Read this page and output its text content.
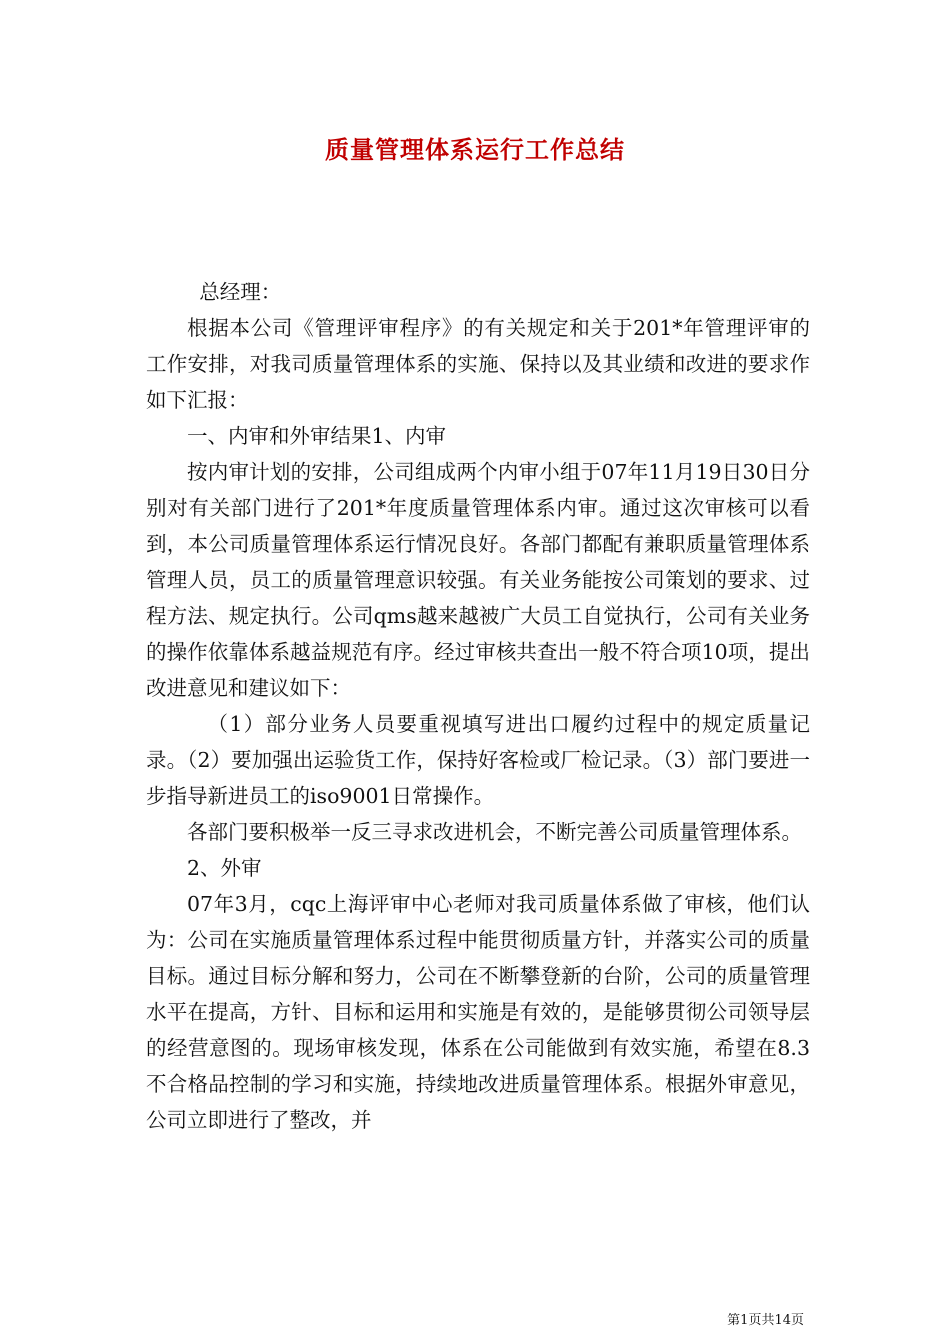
质量管理体系运行工作总结

总经理：

根据本公司《管理评审程序》的有关规定和关于201*年管理评审的工作安排，对我司质量管理体系的实施、保持以及其业绩和改进的要求作如下汇报：

一、内审和外审结果1、内审

按内审计划的安排，公司组成两个内审小组于07年11月19日30日分别对有关部门进行了201*年度质量管理体系内审。通过这次审核可以看到，本公司质量管理体系运行情况良好。各部门都配有兼职质量管理体系管理人员，员工的质量管理意识较强。有关业务能按公司策划的要求、过程方法、规定执行。公司qms越来越被广大员工自觉执行，公司有关业务的操作依靠体系越益规范有序。经过审核共查出一般不符合项10项，提出改进意见和建议如下：

（1）部分业务人员要重视填写进出口履约过程中的规定质量记录。（2）要加强出运验货工作，保持好客检或厂检记录。（3）部门要进一步指导新进员工的iso9001日常操作。

各部门要积极举一反三寻求改进机会，不断完善公司质量管理体系。

2、外审

07年3月，cqc上海评审中心老师对我司质量体系做了审核，他们认为：公司在实施质量管理体系过程中能贯彻质量方针，并落实公司的质量目标。通过目标分解和努力，公司在不断攀登新的台阶，公司的质量管理水平在提高，方针、目标和运用和实施是有效的，是能够贯彻公司领导层的经营意图的。现场审核发现，体系在公司能做到有效实施，希望在8.3不合格品控制的学习和实施，持续地改进质量管理体系。根据外审意见，公司立即进行了整改，并

第1页共14页
